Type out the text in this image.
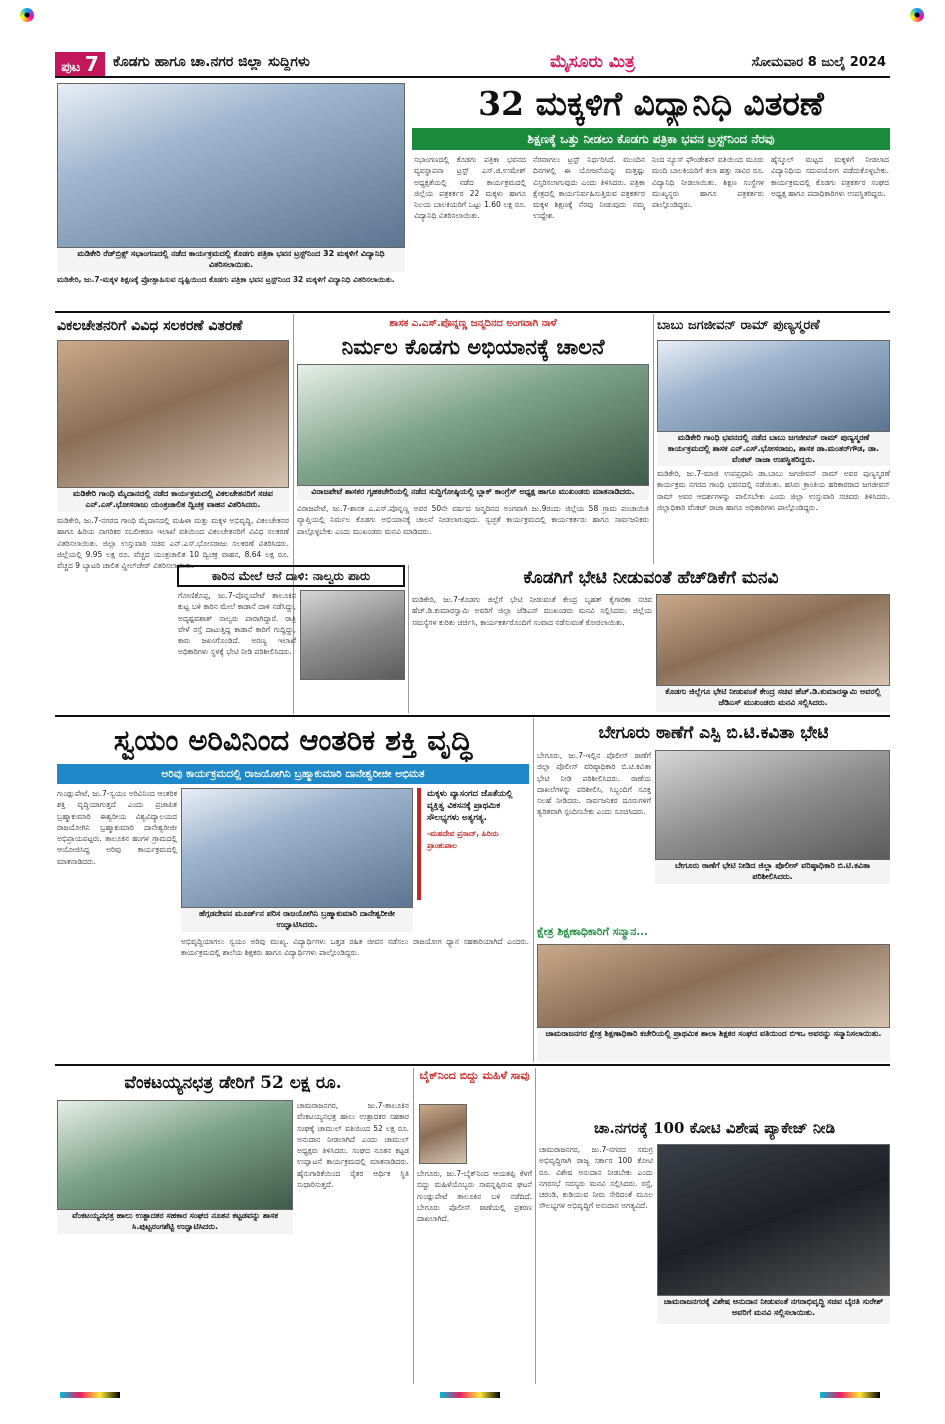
ಪುಟ 7	ಕೊಡಗು ಹಾಗೂ ಚಾ.ನಗರ ಜಿಲ್ಲಾ ಸುದ್ದಿಗಳು	ಮೈಸೂರು ಮಿತ್ರ	ಸೋಮವಾರ 8 ಜುಲೈ 2024
ಮಡಿಕೇರಿ ರೆಡ್‌ಬ್ರಿಕ್ಸ್ ಸಭಾಂಗಣದಲ್ಲಿ ನಡೆದ ಕಾರ್ಯಕ್ರಮದಲ್ಲಿ ಕೊಡಗು ಪತ್ರಿಕಾ ಭವನ ಟ್ರಸ್ಟ್‌ನಿಂದ 32 ಮಕ್ಕಳಿಗೆ ವಿದ್ಯಾನಿಧಿ ವಿತರಿಸಲಾಯಿತು.
ಮಡಿಕೇರಿ, ಜು.7-ಮಕ್ಕಳ ಶಿಕ್ಷಣಕ್ಕೆ ಪ್ರೋತ್ಸಾಹಿಸುವ ದೃಷ್ಟಿಯಿಂದ ಕೊಡಗು ಪತ್ರಿಕಾ ಭವನ ಟ್ರಸ್ಟ್‌ನಿಂದ 32 ಮಕ್ಕಳಿಗೆ ವಿದ್ಯಾನಿಧಿ ವಿತರಿಸಲಾಯಿತು.
32 ಮಕ್ಕಳಿಗೆ ವಿದ್ಯಾನಿಧಿ ವಿತರಣೆ
ಶಿಕ್ಷಣಕ್ಕೆ ಒತ್ತು ನೀಡಲು ಕೊಡಗು ಪತ್ರಿಕಾ ಭವನ ಟ್ರಸ್ಟ್‌ನಿಂದ ನೆರವು
ಸಭಾಂಗಣದಲ್ಲಿ ಕೊಡಗು ಪತ್ರಿಕಾ ಭವನದ ವ್ಯವಸ್ಥಾಪನಾ ಟ್ರಸ್ಟ್ ಎಸ್.ಜಿ.ಉಮೇಶ್ ಅಧ್ಯಕ್ಷತೆಯಲ್ಲಿ ನಡೆದ ಕಾರ್ಯಕ್ರಮದಲ್ಲಿ ಜಿಲ್ಲೆಯ ಪತ್ರಕರ್ತರ 22 ಮಕ್ಕಳು ಹಾಗೂ ನಿಲಯ ಬಾಲಕಿಯರಿಗೆ ಒಟ್ಟು 1.60 ಲಕ್ಷ ರೂ. ವಿದ್ಯಾನಿಧಿ ವಿತರಿಸಲಾಯಿತು.
ನೆರವಾಗಲು ಟ್ರಸ್ಟ್ ನಿರ್ಧರಿಸಿದೆ. ಮುಂದಿನ ದಿನಗಳಲ್ಲಿ ಈ ಯೋಜನೆಯನ್ನು ಮತ್ತಷ್ಟು ವಿಸ್ತರಿಸಲಾಗುವುದು ಎಂದು ತಿಳಿಸಿದರು. ಪತ್ರಿಕಾ ಕ್ಷೇತ್ರದಲ್ಲಿ ಕಾರ್ಯನಿರ್ವಹಿಸುತ್ತಿರುವ ಪತ್ರಕರ್ತರ ಮಕ್ಕಳ ಶಿಕ್ಷಣಕ್ಕೆ ನೆರವು ನೀಡುವುದು ನಮ್ಮ ಉದ್ದೇಶ.
ನಿಂದ ನ್ಯೂಸ್ ಫೌಂಡೇಶನ್ ವತಿಯಿಂದ ಮೂರು ಮಂದಿ ಬಾಲಕಿಯರಿಗೆ ತಲಾ ಹತ್ತು ಸಾವಿರ ರೂ. ವಿದ್ಯಾನಿಧಿ ನೀಡಲಾಯಿತು. ಶಿಕ್ಷಣ ಸಂಸ್ಥೆಗಳ ಮುಖ್ಯಸ್ಥರು ಹಾಗೂ ಪತ್ರಕರ್ತರು ಪಾಲ್ಗೊಂಡಿದ್ದರು.
ಹೈಸ್ಕೂಲ್ ಮಟ್ಟದ ಮಕ್ಕಳಿಗೆ ನೀಡಲಾದ ವಿದ್ಯಾನಿಧಿಯ ಸದುಪಯೋಗ ಪಡೆದುಕೊಳ್ಳಬೇಕು. ಕಾರ್ಯಕ್ರಮದಲ್ಲಿ ಕೊಡಗು ಪತ್ರಕರ್ತರ ಸಂಘದ ಅಧ್ಯಕ್ಷ ಹಾಗೂ ಪದಾಧಿಕಾರಿಗಳು ಉಪಸ್ಥಿತರಿದ್ದರು.
ವಿಕಲಚೇತನರಿಗೆ ವಿವಿಧ ಸಲಕರಣೆ ವಿತರಣೆ
ಮಡಿಕೇರಿ ಗಾಂಧಿ ಮೈದಾನದಲ್ಲಿ ನಡೆದ ಕಾರ್ಯಕ್ರಮದಲ್ಲಿ ವಿಕಲಚೇತನರಿಗೆ ಸಚಿವ ಎನ್.ಎಸ್.ಭೋಸರಾಜು ಯಂತ್ರಚಾಲಿತ ದ್ವಿಚಕ್ರ ವಾಹನ ವಿತರಿಸಿದರು.
ಮಡಿಕೇರಿ, ಜು.7-ನಗರದ ಗಾಂಧಿ ಮೈದಾನದಲ್ಲಿ ಮಹಿಳಾ ಮತ್ತು ಮಕ್ಕಳ ಅಭಿವೃದ್ಧಿ, ವಿಕಲಚೇತನರ ಹಾಗೂ ಹಿರಿಯ ನಾಗರಿಕರ ಸಬಲೀಕರಣ ಇಲಾಖೆ ವತಿಯಿಂದ ವಿಕಲಚೇತನರಿಗೆ ವಿವಿಧ ಸಲಕರಣೆ ವಿತರಿಸಲಾಯಿತು. ಜಿಲ್ಲಾ ಉಸ್ತುವಾರಿ ಸಚಿವ ಎನ್.ಎಸ್.ಭೋಸರಾಜು ಸಲಕರಣೆ ವಿತರಿಸಿದರು. ಜಿಲ್ಲೆಯಲ್ಲಿ 9.95 ಲಕ್ಷ ರೂ. ವೆಚ್ಚದ ಯಂತ್ರಚಾಲಿತ 10 ದ್ವಿಚಕ್ರ ವಾಹನ, 8.64 ಲಕ್ಷ ರೂ. ವೆಚ್ಚದ 9 ಬ್ಯಾಟರಿ ಚಾಲಿತ ವ್ಹೀಲ್‌ಚೇರ್ ವಿತರಿಸಲಾಯಿತು.
ಶಾಸಕ ಎ.ಎಸ್.ಪೊನ್ನಣ್ಣ ಜನ್ಮದಿನದ ಅಂಗವಾಗಿ ನಾಳೆ
ನಿರ್ಮಲ ಕೊಡಗು ಅಭಿಯಾನಕ್ಕೆ ಚಾಲನೆ
ವಿರಾಜಪೇಟೆ ಶಾಸಕರ ಗೃಹಕಚೇರಿಯಲ್ಲಿ ನಡೆದ ಸುದ್ದಿಗೋಷ್ಠಿಯಲ್ಲಿ ಬ್ಲಾಕ್ ಕಾಂಗ್ರೆಸ್ ಅಧ್ಯಕ್ಷ ಹಾಗೂ ಮುಖಂಡರು ಮಾತನಾಡಿದರು.
ವಿರಾಜಪೇಟೆ, ಜು.7-ಶಾಸಕ ಎ.ಎಸ್.ಪೊನ್ನಣ್ಣ ಅವರ 50ನೇ ವರ್ಷದ ಜನ್ಮದಿನದ ಅಂಗವಾಗಿ ಜು.9ರಂದು ಜಿಲ್ಲೆಯ 58 ಗ್ರಾಮ ಪಂಚಾಯಿತಿ ವ್ಯಾಪ್ತಿಯಲ್ಲಿ ನಿರ್ಮಲ ಕೊಡಗು ಅಭಿಯಾನಕ್ಕೆ ಚಾಲನೆ ನೀಡಲಾಗುವುದು. ಸ್ವಚ್ಛತೆ ಕಾರ್ಯಕ್ರಮದಲ್ಲಿ ಕಾರ್ಯಕರ್ತರು ಹಾಗೂ ಸಾರ್ವಜನಿಕರು ಪಾಲ್ಗೊಳ್ಳಬೇಕು ಎಂದು ಮುಖಂಡರು ಮನವಿ ಮಾಡಿದರು.
ಬಾಬು ಜಗಜೀವನ್ ರಾಮ್ ಪುಣ್ಯಸ್ಮರಣೆ
ಮಡಿಕೇರಿ ಗಾಂಧಿ ಭವನದಲ್ಲಿ ನಡೆದ ಬಾಬು ಜಗಜೀವನ್ ರಾಮ್ ಪುಣ್ಯಸ್ಮರಣೆ ಕಾರ್ಯಕ್ರಮದಲ್ಲಿ ಶಾಸಕ ಎನ್.ಎಸ್.ಭೋಸರಾಜು, ಶಾಸಕ ಡಾ.ಮಂತರ್‌ಗೌಡ, ಡಾ. ವೆಂಕಟ್ ರಾಜಾ ಉಪಸ್ಥಿತರಿದ್ದರು.
ಮಡಿಕೇರಿ, ಜು.7-ಮಾಜಿ ಉಪಪ್ರಧಾನಿ ಡಾ.ಬಾಬು ಜಗಜೀವನ್ ರಾಮ್ ಅವರ ಪುಣ್ಯಸ್ಮರಣೆ ಕಾರ್ಯಕ್ರಮ ನಗರದ ಗಾಂಧಿ ಭವನದಲ್ಲಿ ನಡೆಯಿತು. ಹಸಿರು ಕ್ರಾಂತಿಯ ಹರಿಕಾರರಾದ ಜಗಜೀವನ್ ರಾಮ್ ಅವರ ಆದರ್ಶಗಳನ್ನು ಪಾಲಿಸಬೇಕು ಎಂದು ಜಿಲ್ಲಾ ಉಸ್ತುವಾರಿ ಸಚಿವರು ತಿಳಿಸಿದರು. ಜಿಲ್ಲಾಧಿಕಾರಿ ವೆಂಕಟ್ ರಾಜಾ ಹಾಗೂ ಅಧಿಕಾರಿಗಳು ಪಾಲ್ಗೊಂಡಿದ್ದರು.
ಕಾರಿನ ಮೇಲೆ ಆನೆ ದಾಳಿ: ನಾಲ್ವರು ಪಾರು
ಗೋಣಿಕೊಪ್ಪ, ಜು.7-ಪೊನ್ನಂಪೇಟೆ ತಾಲೂಕಿನ ಕುಟ್ಟ ಬಳಿ ಕಾರಿನ ಮೇಲೆ ಕಾಡಾನೆ ದಾಳಿ ನಡೆಸಿದ್ದು, ಅದೃಷ್ಟವಶಾತ್ ನಾಲ್ವರು ಪಾರಾಗಿದ್ದಾರೆ. ರಾತ್ರಿ ವೇಳೆ ರಸ್ತೆ ದಾಟುತ್ತಿದ್ದ ಕಾಡಾನೆ ಕಾರಿಗೆ ಗುದ್ದಿದ್ದು, ಕಾರು ಜಖಂಗೊಂಡಿದೆ. ಅರಣ್ಯ ಇಲಾಖೆ ಅಧಿಕಾರಿಗಳು ಸ್ಥಳಕ್ಕೆ ಭೇಟಿ ನೀಡಿ ಪರಿಶೀಲಿಸಿದರು.
ಕೊಡಗಿಗೆ ಭೇಟಿ ನೀಡುವಂತೆ ಹೆಚ್‌ಡಿಕೆಗೆ ಮನವಿ
ಮಡಿಕೇರಿ, ಜು.7-ಕೊಡಗು ಜಿಲ್ಲೆಗೆ ಭೇಟಿ ನೀಡುವಂತೆ ಕೇಂದ್ರ ಬೃಹತ್ ಕೈಗಾರಿಕಾ ಸಚಿವ ಹೆಚ್.ಡಿ.ಕುಮಾರಸ್ವಾಮಿ ಅವರಿಗೆ ಜಿಲ್ಲಾ ಜೆಡಿಎಸ್ ಮುಖಂಡರು ಮನವಿ ಸಲ್ಲಿಸಿದರು. ಜಿಲ್ಲೆಯ ಸಮಸ್ಯೆಗಳ ಕುರಿತು ಚರ್ಚಿಸಿ, ಕಾರ್ಯಕರ್ತರೊಂದಿಗೆ ಸಂವಾದ ನಡೆಸುವಂತೆ ಕೋರಲಾಯಿತು.
ಕೊಡಗು ಜಿಲ್ಲೆಗೂ ಭೇಟಿ ನೀಡುವಂತೆ ಕೇಂದ್ರ ಸಚಿವ ಹೆಚ್.ಡಿ.ಕುಮಾರಸ್ವಾಮಿ ಅವರಲ್ಲಿ ಜೆಡಿಎಸ್ ಮುಖಂಡರು ಮನವಿ ಸಲ್ಲಿಸಿದರು.
ಸ್ವಯಂ ಅರಿವಿನಿಂದ ಆಂತರಿಕ ಶಕ್ತಿ ವೃದ್ಧಿ
ಅರಿವು ಕಾರ್ಯಕ್ರಮದಲ್ಲಿ ರಾಜಯೋಗಿನಿ ಬ್ರಹ್ಮಾಕುಮಾರಿ ದಾನೇಶ್ವರೀಜೀ ಅಭಿಮತ
ಗುಂಡ್ಲುಪೇಟೆ, ಜು.7-ಸ್ವಯಂ ಅರಿವಿನಿಂದ ಆಂತರಿಕ ಶಕ್ತಿ ವೃದ್ಧಿಯಾಗುತ್ತದೆ ಎಂದು ಪ್ರಜಾಪಿತ ಬ್ರಹ್ಮಾಕುಮಾರಿ ಈಶ್ವರೀಯ ವಿಶ್ವವಿದ್ಯಾಲಯದ ರಾಜಯೋಗಿನಿ ಬ್ರಹ್ಮಾಕುಮಾರಿ ದಾನೇಶ್ವರೀಜೀ ಅಭಿಪ್ರಾಯಪಟ್ಟರು. ತಾಲೂಕಿನ ಹಂಗಳ ಗ್ರಾಮದಲ್ಲಿ ಆಯೋಜಿಸಿದ್ದ ಅರಿವು ಕಾರ್ಯಕ್ರಮದಲ್ಲಿ ಮಾತನಾಡಿದರು.
ಹೆಗ್ಗಡದೇವನ ಮೂರ್ಡ್‌ನ ಪರಿಸ ರಾಜಯೋಗಿನಿ ಬ್ರಹ್ಮಾಕುಮಾರಿ ದಾನೇಶ್ವರೀಜೀ ಉದ್ಘಾಟಿಸಿದರು.
ಮಕ್ಕಳು ವ್ಯಾಸಂಗದ ಜೊತೆಯಲ್ಲಿ ವ್ಯಕ್ತಿತ್ವ ವಿಕಸನಕ್ಕೆ ಪ್ರಾಥಮಿಕ ಸೌಲಭ್ಯಗಳು ಅತ್ಯಗತ್ಯ.
-ಮಹದೇವ ಪ್ರಸಾದ್, ಹಿರಿಯ ಪ್ರಾಂಶುಪಾಲ
ಅಭಿವೃದ್ಧಿಯಾಗಲು ಸ್ವಯಂ ಅರಿವು ಮುಖ್ಯ. ವಿದ್ಯಾರ್ಥಿಗಳು ಒತ್ತಡ ರಹಿತ ಜೀವನ ನಡೆಸಲು ರಾಜಯೋಗ ಧ್ಯಾನ ಸಹಕಾರಿಯಾಗಿದೆ ಎಂದರು. ಕಾರ್ಯಕ್ರಮದಲ್ಲಿ ಶಾಲೆಯ ಶಿಕ್ಷಕರು ಹಾಗೂ ವಿದ್ಯಾರ್ಥಿಗಳು ಪಾಲ್ಗೊಂಡಿದ್ದರು.
ಬೇಗೂರು ಠಾಣೆಗೆ ಎಸ್ಪಿ ಬಿ.ಟಿ.ಕವಿತಾ ಭೇಟಿ
ಬೇಗೂರು, ಜು.7-ಇಲ್ಲಿನ ಪೊಲೀಸ್ ಠಾಣೆಗೆ ಜಿಲ್ಲಾ ಪೊಲೀಸ್ ವರಿಷ್ಠಾಧಿಕಾರಿ ಬಿ.ಟಿ.ಕವಿತಾ ಭೇಟಿ ನೀಡಿ ಪರಿಶೀಲಿಸಿದರು. ಠಾಣೆಯ ದಾಖಲೆಗಳನ್ನು ಪರಿಶೀಲಿಸಿ, ಸಿಬ್ಬಂದಿಗೆ ಸೂಕ್ತ ಸಲಹೆ ನೀಡಿದರು. ಸಾರ್ವಜನಿಕರ ದೂರುಗಳಿಗೆ ತ್ವರಿತವಾಗಿ ಸ್ಪಂದಿಸಬೇಕು ಎಂದು ಸೂಚಿಸಿದರು.
ಬೇಗೂರು ಠಾಣೆಗೆ ಭೇಟಿ ನೀಡಿದ ಜಿಲ್ಲಾ ಪೊಲೀಸ್ ವರಿಷ್ಠಾಧಿಕಾರಿ ಬಿ.ಟಿ.ಕವಿತಾ ಪರಿಶೀಲಿಸಿದರು.
ಕ್ಷೇತ್ರ ಶಿಕ್ಷಣಾಧಿಕಾರಿಗೆ ಸನ್ಮಾನ...
ಚಾಮರಾಜನಗರ ಕ್ಷೇತ್ರ ಶಿಕ್ಷಣಾಧಿಕಾರಿ ಕಚೇರಿಯಲ್ಲಿ ಪ್ರಾಥಮಿಕ ಶಾಲಾ ಶಿಕ್ಷಕರ ಸಂಘದ ವತಿಯಿಂದ ಬಿಇಒ ಅವರನ್ನು ಸನ್ಮಾನಿಸಲಾಯಿತು.
ವೆಂಕಟಯ್ಯನಛತ್ರ ಡೇರಿಗೆ 52 ಲಕ್ಷ ರೂ.
ವೆಂಕಟಯ್ಯನಛತ್ರ ಹಾಲು ಉತ್ಪಾದಕರ ಸಹಕಾರ ಸಂಘದ ನೂತನ ಕಟ್ಟಡವನ್ನು ಶಾಸಕ ಸಿ.ಪುಟ್ಟರಂಗಶೆಟ್ಟಿ ಉದ್ಘಾಟಿಸಿದರು.
ಚಾಮರಾಜನಗರ, ಜು.7-ತಾಲೂಕಿನ ವೆಂಕಟಯ್ಯನಛತ್ರ ಹಾಲು ಉತ್ಪಾದಕರ ಸಹಕಾರ ಸಂಘಕ್ಕೆ ಚಾಮುಲ್ ವತಿಯಿಂದ 52 ಲಕ್ಷ ರೂ. ಅನುದಾನ ನೀಡಲಾಗಿದೆ ಎಂದು ಚಾಮುಲ್ ಅಧ್ಯಕ್ಷರು ತಿಳಿಸಿದರು. ಸಂಘದ ನೂತನ ಕಟ್ಟಡ ಉದ್ಘಾಟನೆ ಕಾರ್ಯಕ್ರಮದಲ್ಲಿ ಮಾತನಾಡಿದರು. ಹೈನುಗಾರಿಕೆಯಿಂದ ರೈತರ ಆರ್ಥಿಕ ಸ್ಥಿತಿ ಸುಧಾರಿಸುತ್ತದೆ.
ಬೈಕ್‌ನಿಂದ ಬಿದ್ದು ಮಹಿಳೆ ಸಾವು
ಬೇಗೂರು, ಜು.7-ಬೈಕ್‌ನಿಂದ ಆಯತಪ್ಪಿ ಕೆಳಗೆ ಬಿದ್ದು ಮಹಿಳೆಯೊಬ್ಬರು ಸಾವನ್ನಪ್ಪಿರುವ ಘಟನೆ ಗುಂಡ್ಲುಪೇಟೆ ತಾಲೂಕಿನ ಬಳಿ ನಡೆದಿದೆ. ಬೇಗೂರು ಪೊಲೀಸ್ ಠಾಣೆಯಲ್ಲಿ ಪ್ರಕರಣ ದಾಖಲಾಗಿದೆ.
ಚಾ.ನಗರಕ್ಕೆ 100 ಕೋಟಿ ವಿಶೇಷ ಪ್ಯಾಕೇಜ್ ನೀಡಿ
ಚಾಮರಾಜನಗರ, ಜು.7-ನಗರದ ಸಮಗ್ರ ಅಭಿವೃದ್ಧಿಗಾಗಿ ರಾಜ್ಯ ಸರ್ಕಾರ 100 ಕೋಟಿ ರೂ. ವಿಶೇಷ ಅನುದಾನ ನೀಡಬೇಕು ಎಂದು ನಗರಸಭೆ ಸದಸ್ಯರು ಮನವಿ ಸಲ್ಲಿಸಿದರು. ರಸ್ತೆ, ಚರಂಡಿ, ಕುಡಿಯುವ ನೀರು ಸೇರಿದಂತೆ ಮೂಲ ಸೌಲಭ್ಯಗಳ ಅಭಿವೃದ್ಧಿಗೆ ಅನುದಾನ ಅಗತ್ಯವಿದೆ.
ಚಾಮರಾಜನಗರಕ್ಕೆ ವಿಶೇಷ ಅನುದಾನ ನೀಡುವಂತೆ ನಗರಾಭಿವೃದ್ಧಿ ಸಚಿವ ಬೈರತಿ ಸುರೇಶ್ ಅವರಿಗೆ ಮನವಿ ಸಲ್ಲಿಸಲಾಯಿತು.
